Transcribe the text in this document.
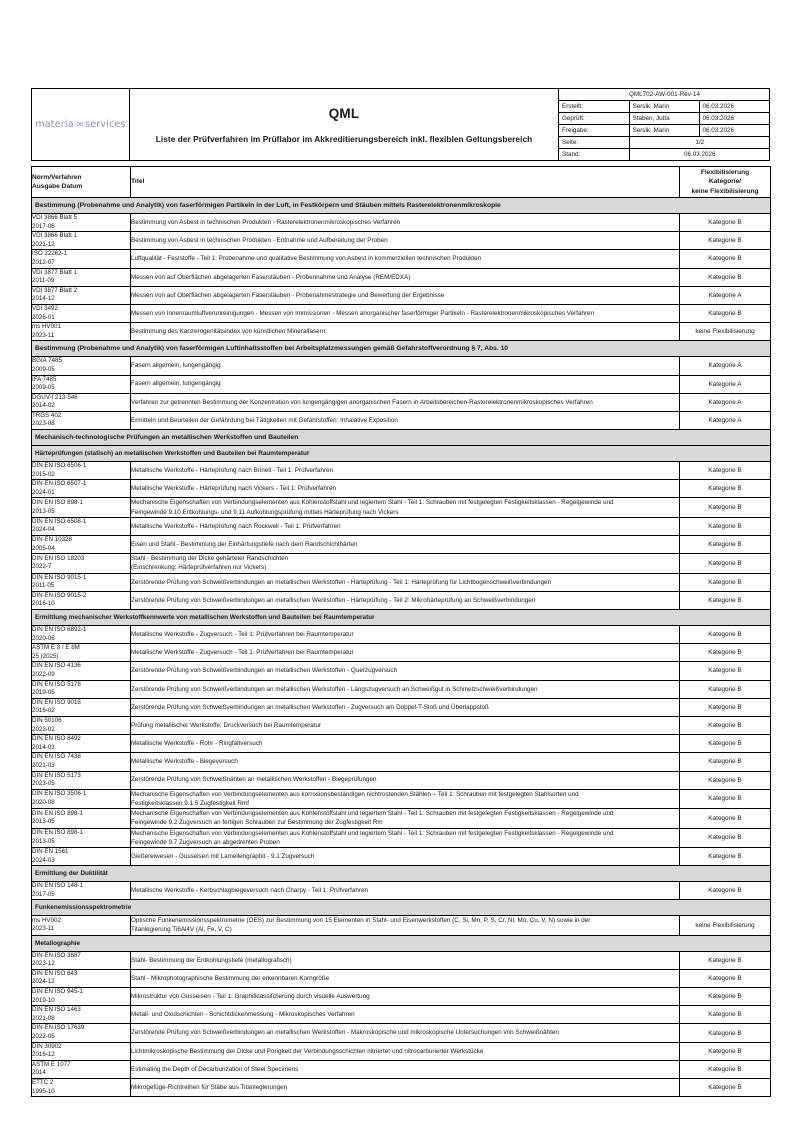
materia ∞ services

QML
Liste der Prüfverfahren im Prüflabor im Akkreditierungsbereich inkl. flexiblen Geltungsbereich

QML702-AW-001-Rev-14
Erstellt:	Sersik, Marin	06.03.2026
Geprüft:	Staben, Jutta	06.03.2026
Freigabe:	Sersik, Marin	06.03.2026
Seite:	1/2
Stand:	06.03.2026
Norm/Verfahren
Ausgabe Datum	Titel	Flexibilisierung
Kategorie/
keine Flexibilisierung
Bestimmung (Probenahme und Analytik) von faserförmigen Partikeln in der Luft, in Festkörpern und Stäuben mittels Rasterelektronenmikroskopie		

VDI 3866 Blatt 5
2017-06	Bestimmung von Asbest in technischen Produkten - Rasterelektronenmikroskopisches Verfahren	Kategorie B

VDI 3866 Blatt 1
2021-12	Bestimmung von Asbest in technischen Produkten - Entnahme und Aufbereitung der Proben	Kategorie B

ISO 22262-1
2012-07	Luftqualität - Feststoffe - Teil 1: Probenahme und qualitative Bestimmung von Asbest in kommerziellen technischen Produkten	Kategorie B

VDI 3877 Blatt 1
2011-09	Messen von auf Oberflächen abgelagerten Faserstäuben - Probennahme und Analyse (REM/EDXA)	Kategorie B

VDI 3877 Blatt 2
2014-12	Messen von auf Oberflächen abgelagerten Faserstäuben - Probenahmestrategie und Bewertung der Ergebnisse	Kategorie A

VDI 3492
2026-01	Messen von Innenraumluftverunreinigungen - Messen von Immissionen - Messen anorganischer faserförmiger Partikeln - Rasterelektronenmikroskopisches Verfahren	Kategorie B

ms HV001
2023-11	Bestimmung des Kanzerogenitätsindex von künstlichen Mineralfasern	keine Flexibilisierung
Bestimmung (Probenahme und Analytik) von faserförmigen Luftinhaltsstoffen bei Arbeitsplatzmessungen gemäß Gefahrstoffverordnung § 7, Abs. 10		

BGIA 7485
2009-05	Fasern allgemein, lungengängig	Kategorie A

IFA 7485
2009-05	Fasern allgemein, lungengängig	Kategorie A

DGUV-I 213-546
2014-02	Verfahren zur getrennten Bestimmung der Konzentration von lungengängigen anorganischen Fasern in Arbeitsbereichen-Rasterelektronenmikroskopisches Verfahren	Kategorie A

TRGS 402
2023-08	Ermitteln und Beurteilen der Gefährdung bei Tätigkeiten mit Gefahrstoffen: Inhalative Exposition	Kategorie A
Mechanisch-technologische Prüfungen an metallischen Werkstoffen und Bauteilen		
Härteprüfungen (statisch) an metallischen Werkstoffen und Bauteilen bei Raumtemperatur		

DIN EN ISO 6506-1
2015-02	Metallische Werkstoffe - Härteprüfung nach Brinell - Teil 1: Prüfverfahren	Kategorie B

DIN EN ISO 6507-1
2024-01	Metallische Werkstoffe - Härteprüfung nach Vickers - Teil 1: Prüfverfahren	Kategorie B

DIN EN ISO 898-1
2013-05	Mechanische Eigenschaften von Verbindungselementen aus Kohlenstoffstahl und legiertem Stahl - Teil 1: Schrauben mit festgelegten Festigkeitsklassen - Regelgewinde und
Feingewinde 9.10 Entkohlungs- und 9.11 Aufkohlungsprüfung mittels Härteprüfung nach Vickers	Kategorie B

DIN EN ISO 6508-1
2024-04	Metallische Werkstoffe - Härteprüfung nach Rockwell - Teil 1: Prüfverfahren	Kategorie B

DIN EN 10328
2005-04	Eisen und Stahl - Bestimmung der Einhärtungstiefe nach dem Randschichthärten	Kategorie B

DIN EN ISO 18203
2022-7	Stahl - Bestimmung der Dicke gehärteter Randschichten
(Einschrenkung: Härteprüfverfahren nur Vickers)	Kategorie B

DIN EN ISO 9015-1
2011-05	Zerstörende Prüfung von Schweißverbindungen an metallischen Werkstoffen - Härteprüfung - Teil 1: Härteprüfung für Lichtbogenschweißverbindungen	Kategorie B

DIN EN ISO 9015-2
2016-10	Zerstörende Prüfung von Schweißverbindungen an metallischen Werkstoffen - Härteprüfung - Teil 2: Mikrohärteprüfung an Schweißverbindungen	Kategorie B
Ermittlung mechanischer Werkstoffkennwerte von metallischen Werkstoffen und Bauteilen bei Raumtemperatur		

DIN EN ISO 6892-1
2020-06	Metallische Werkstoffe - Zugversuch - Teil 1: Prüfverfahren bei Raumtemperatur	Kategorie B

ASTM E 8 / E 8M
25 (2025)	Metallische Werkstoffe - Zugversuch - Teil 1: Prüfverfahren bei Raumtemperatur	Kategorie B

DIN EN ISO 4136
2022-09	Zerstörende Prüfung von Schweißverbindungen an metallischen Werkstoffen - Querzugversuch	Kategorie B

DIN EN ISO 5178
2019-05	Zerstörende Prüfung von Schweißverbindungen an metallischen Werkstoffen - Längszugversuch an Schweißgut in Schmelzschweißverbindungen	Kategorie B

DIN EN ISO 9018
2016-02	Zerstörende Prüfung von Schweißverbindungen an metallischen Werkstoffen - Zugversuch am Doppel-T-Stoß und Überlappstoß	Kategorie B

DIN 50106
2023-02	Prüfung metallischer Werkstoffe; Druckversuch bei Raumtemperatur	Kategorie B

DIN EN ISO 8492
2014-03	Metallische Werkstoffe - Rohr - Ringfaltversuch	Kategorie B

DIN EN ISO 7438
2021-03	Metallische Werkstoffe - Biegeversuch	Kategorie B

DIN EN ISO 5173
2023-05	Zerstörende Prüfung von Schweißnähten an metallischen Werkstoffen - Biegeprüfungen	Kategorie B

DIN EN ISO 3506-1
2020-08	Mechanische Eigenschaften von Verbindungselementen aus korrosionsbeständigen nichtrostenden Stählen – Teil 1: Schrauben mit festgelegten Stahlsorten und
Festigkeitsklassen 9.1.5 Zugfestigkeit Rmf	Kategorie B

DIN EN ISO 898-1
2013-05	Mechanische Eigenschaften von Verbindungselementen aus Kohlenstoffstahl und legiertem Stahl - Teil 1: Schrauben mit festgelegten Festigkeitsklassen - Regelgewinde und
Feingewinde 9.2 Zugversuch an fertigen Schrauben zur Bestimmung der Zugfestigkeit Rm	Kategorie B

DIN EN ISO 898-1
2013-05	Mechanische Eigenschaften von Verbindungselementen aus Kohlenstoffstahl und legiertem Stahl - Teil 1: Schrauben mit festgelegten Festigkeitsklassen - Regelgewinde und
Feingewinde 9.7 Zugversuch an abgedrehten Proben	Kategorie B

DIN EN 1561
2024-03	Gießereiwesen - Gusseisen mit Lamellengraphit - 9.1 Zugversuch	Kategorie B
Ermittlung der Duktilität		

DIN EN ISO 148-1
2017-05	Metallische Werkstoffe - Kerbschlagbiegeversuch nach Charpy - Teil 1: Prüfverfahren	Kategorie B
Funkenemissionsspektrometrie		

ms HV002
2023-11	Optische Funkenemissionsspektrometrie (OES) zur Bestimmung von 15 Elementen in Stahl- und Eisenwerkstoffen (C, Si, Mn, P, S, Cr, Ni, Mo, Cu, V, N) sowie in der
Titanlegierung Ti6Al4V (Al, Fe, V, C)	keine Flexibilisierung
Metallographie		

DIN EN ISO 3887
2023-12	Stahl- Bestimmung der Entkohlungstiefe (metallografisch)	Kategorie B

DIN EN ISO 643
2024-12	Stahl - Mikrophotographische Bestimmung der erkennbaren Korngröße	Kategorie B

DIN EN ISO 945-1
2019-10	Mikrostruktur von Gusseisen - Teil 1: Graphitklassifizierung durch visuelle Auswertung	Kategorie B

DIN EN ISO 1463
2021-08	Metall- und Oxidschichten - Schichtdickenmessung - Mikroskopisches Verfahren	Kategorie B

DIN EN ISO 17639
2022-05	Zerstörende Prüfung von Schweißverbindungen an metallischen Werkstoffen - Makroskopische und mikroskopische Untersuchungen von Schweißnähten	Kategorie B

DIN 30902
2016-12	Lichtmikroskopische Bestimmung der Dicke und Porigkeit der Verbindungsschichten nitrierter und nitrocarburierter Werkstücke	Kategorie B

ASTM E 1077
2014	Estimating the Depth of Decarburization of Steel Specimens	Kategorie B

ETTC 2
1995-10	Mikrogefüge-Richtreihen für Stäbe aus Titanlegierungen	Kategorie B
